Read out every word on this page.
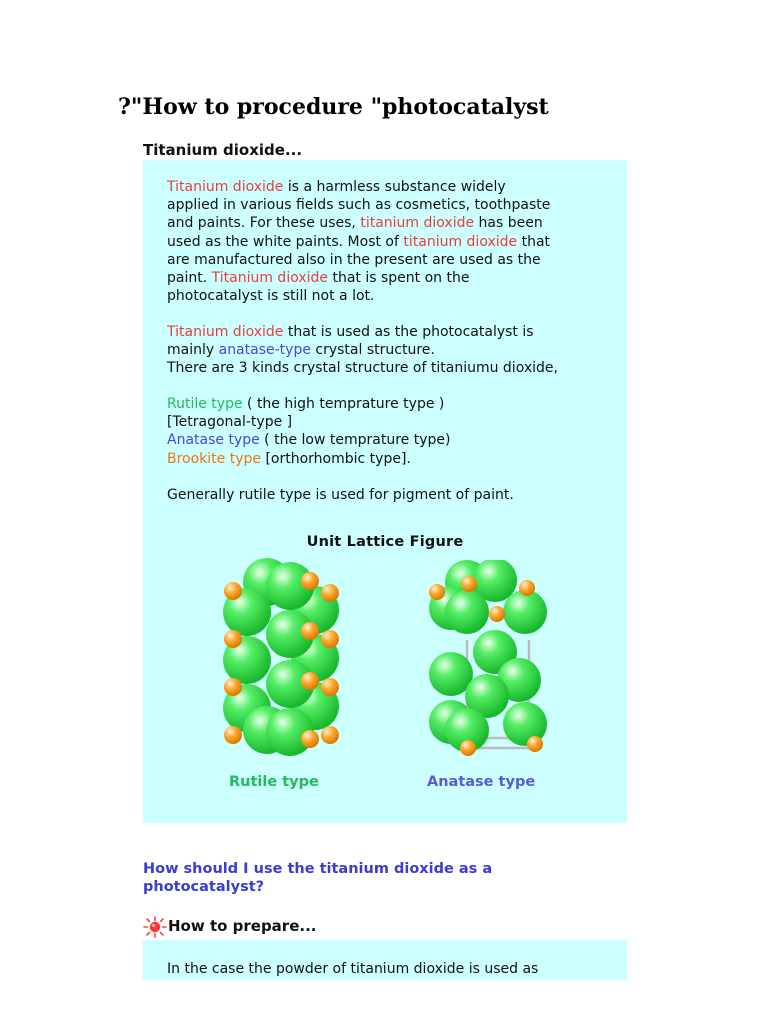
?"How to procedure "photocatalyst
Titanium dioxide...
Titanium dioxide is a harmless substance widely
applied in various fields such as cosmetics, toothpaste
and paints. For these uses, titanium dioxide has been
used as the white paints. Most of titanium dioxide that
are manufactured also in the present are used as the
paint. Titanium dioxide that is spent on the
photocatalyst is still not a lot.
Titanium dioxide that is used as the photocatalyst is
mainly anatase-type crystal structure.
There are 3 kinds crystal structure of titaniumu dioxide,
Rutile type ( the high temprature type )
[Tetragonal-type ]
Anatase type ( the low temprature type)
Brookite type [orthorhombic type].
Generally rutile type is used for pigment of paint.
Unit Lattice Figure
Rutile type	Anatase type
How should I use the titanium dioxide as a
photocatalyst?
How to prepare...
In the case the powder of titanium dioxide is used as
